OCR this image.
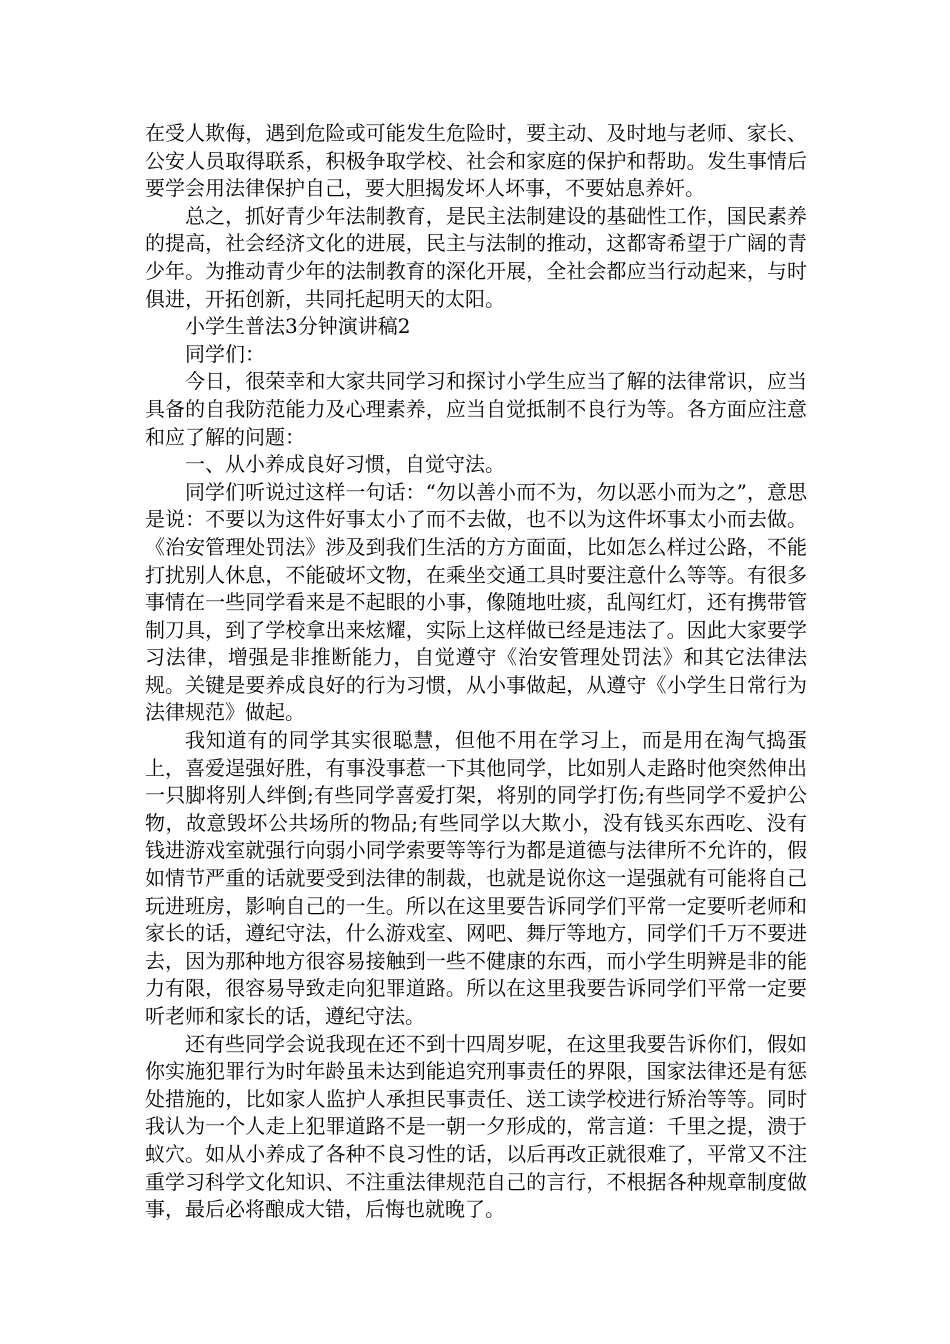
在受人欺侮，遇到危险或可能发生危险时，要主动、及时地与老师、家长、公安人员取得联系，积极争取学校、社会和家庭的保护和帮助。发生事情后要学会用法律保护自己，要大胆揭发坏人坏事，不要姑息养奸。

总之，抓好青少年法制教育，是民主法制建设的基础性工作，国民素养的提高，社会经济文化的进展，民主与法制的推动，这都寄希望于广阔的青少年。为推动青少年的法制教育的深化开展，全社会都应当行动起来，与时俱进，开拓创新，共同托起明天的太阳。

小学生普法3分钟演讲稿2

同学们：

今日，很荣幸和大家共同学习和探讨小学生应当了解的法律常识，应当具备的自我防范能力及心理素养，应当自觉抵制不良行为等。各方面应注意和应了解的问题：

一、从小养成良好习惯，自觉守法。

同学们听说过这样一句话：“勿以善小而不为，勿以恶小而为之”，意思是说：不要以为这件好事太小了而不去做，也不以为这件坏事太小而去做。《治安管理处罚法》涉及到我们生活的方方面面，比如怎么样过公路，不能打扰别人休息，不能破坏文物，在乘坐交通工具时要注意什么等等。有很多事情在一些同学看来是不起眼的小事，像随地吐痰，乱闯红灯，还有携带管制刀具，到了学校拿出来炫耀，实际上这样做已经是违法了。因此大家要学习法律，增强是非推断能力，自觉遵守《治安管理处罚法》和其它法律法规。关键是要养成良好的行为习惯，从小事做起，从遵守《小学生日常行为法律规范》做起。

我知道有的同学其实很聪慧，但他不用在学习上，而是用在淘气捣蛋上，喜爱逞强好胜，有事没事惹一下其他同学，比如别人走路时他突然伸出一只脚将别人绊倒;有些同学喜爱打架，将别的同学打伤;有些同学不爱护公物，故意毁坏公共场所的物品;有些同学以大欺小，没有钱买东西吃、没有钱进游戏室就强行向弱小同学索要等等行为都是道德与法律所不允许的，假如情节严重的话就要受到法律的制裁，也就是说你这一逞强就有可能将自己玩进班房，影响自己的一生。所以在这里要告诉同学们平常一定要听老师和家长的话，遵纪守法，什么游戏室、网吧、舞厅等地方，同学们千万不要进去，因为那种地方很容易接触到一些不健康的东西，而小学生明辨是非的能力有限，很容易导致走向犯罪道路。所以在这里我要告诉同学们平常一定要听老师和家长的话，遵纪守法。

还有些同学会说我现在还不到十四周岁呢，在这里我要告诉你们，假如你实施犯罪行为时年龄虽未达到能追究刑事责任的界限，国家法律还是有惩处措施的，比如家人监护人承担民事责任、送工读学校进行矫治等等。同时我认为一个人走上犯罪道路不是一朝一夕形成的，常言道：千里之提，溃于蚁穴。如从小养成了各种不良习性的话，以后再改正就很难了，平常又不注重学习科学文化知识、不注重法律规范自己的言行，不根据各种规章制度做事，最后必将酿成大错，后悔也就晚了。
